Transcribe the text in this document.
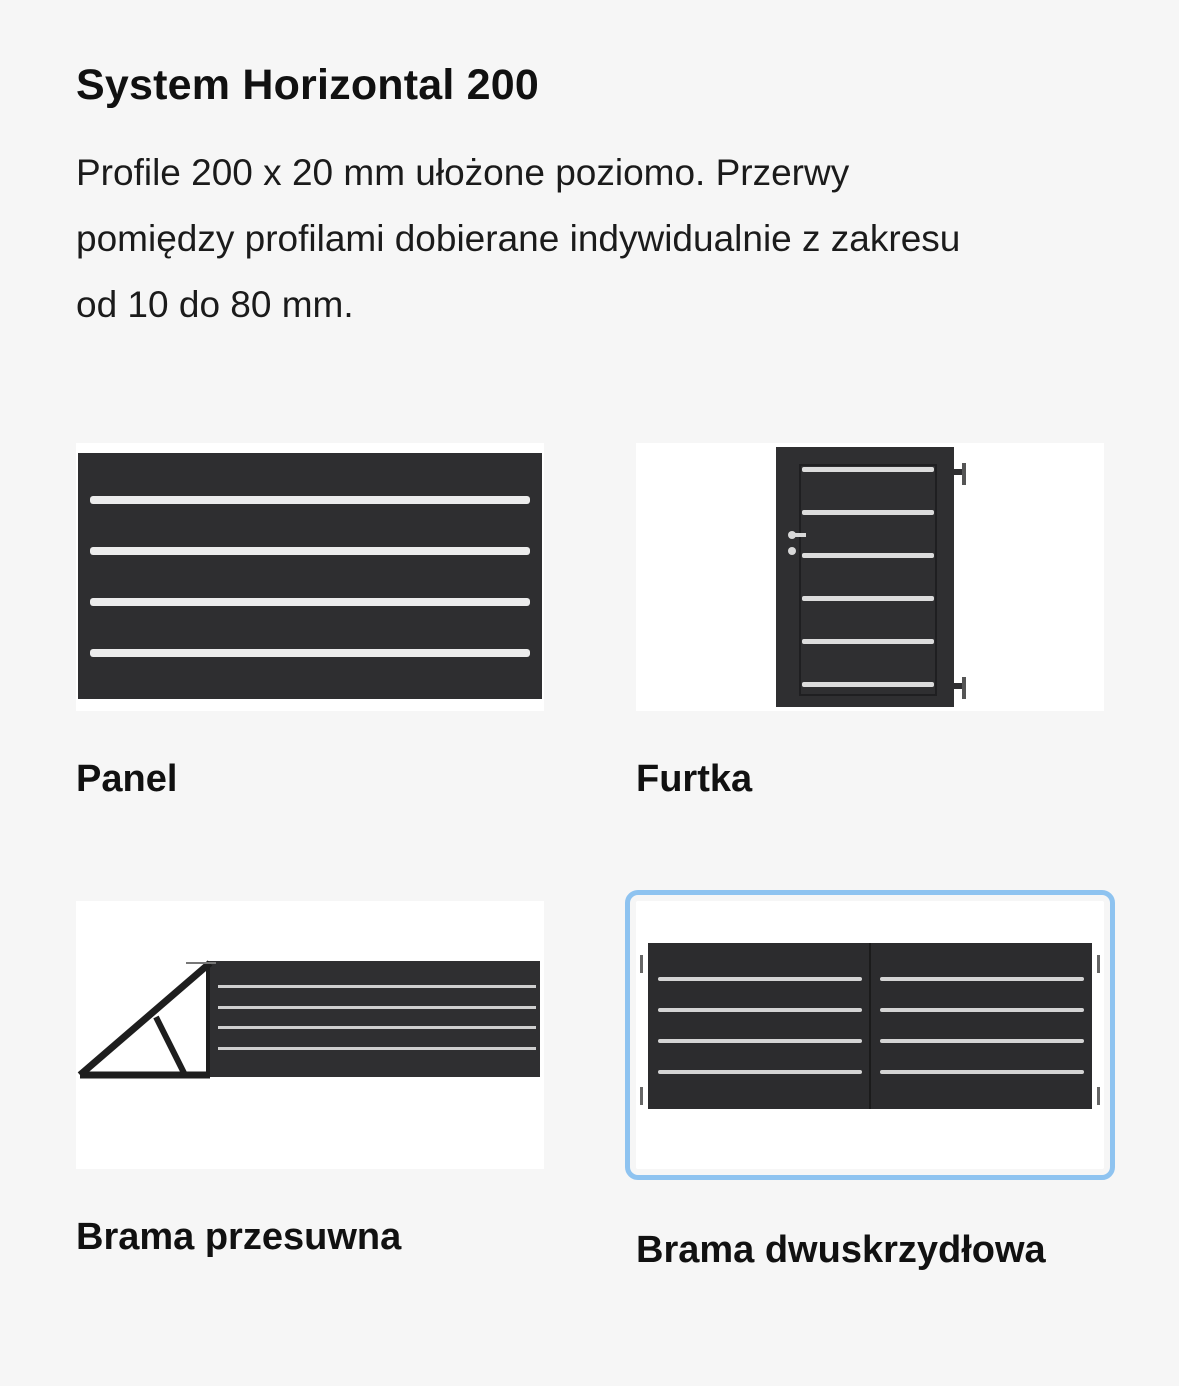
System Horizontal 200

Profile 200 x 20 mm ułożone poziomo. Przerwy pomiędzy profilami dobierane indywidualnie z zakresu od 10 do 80 mm.

Panel	Furtka
Brama przesuwna	Brama dwuskrzydłowa
